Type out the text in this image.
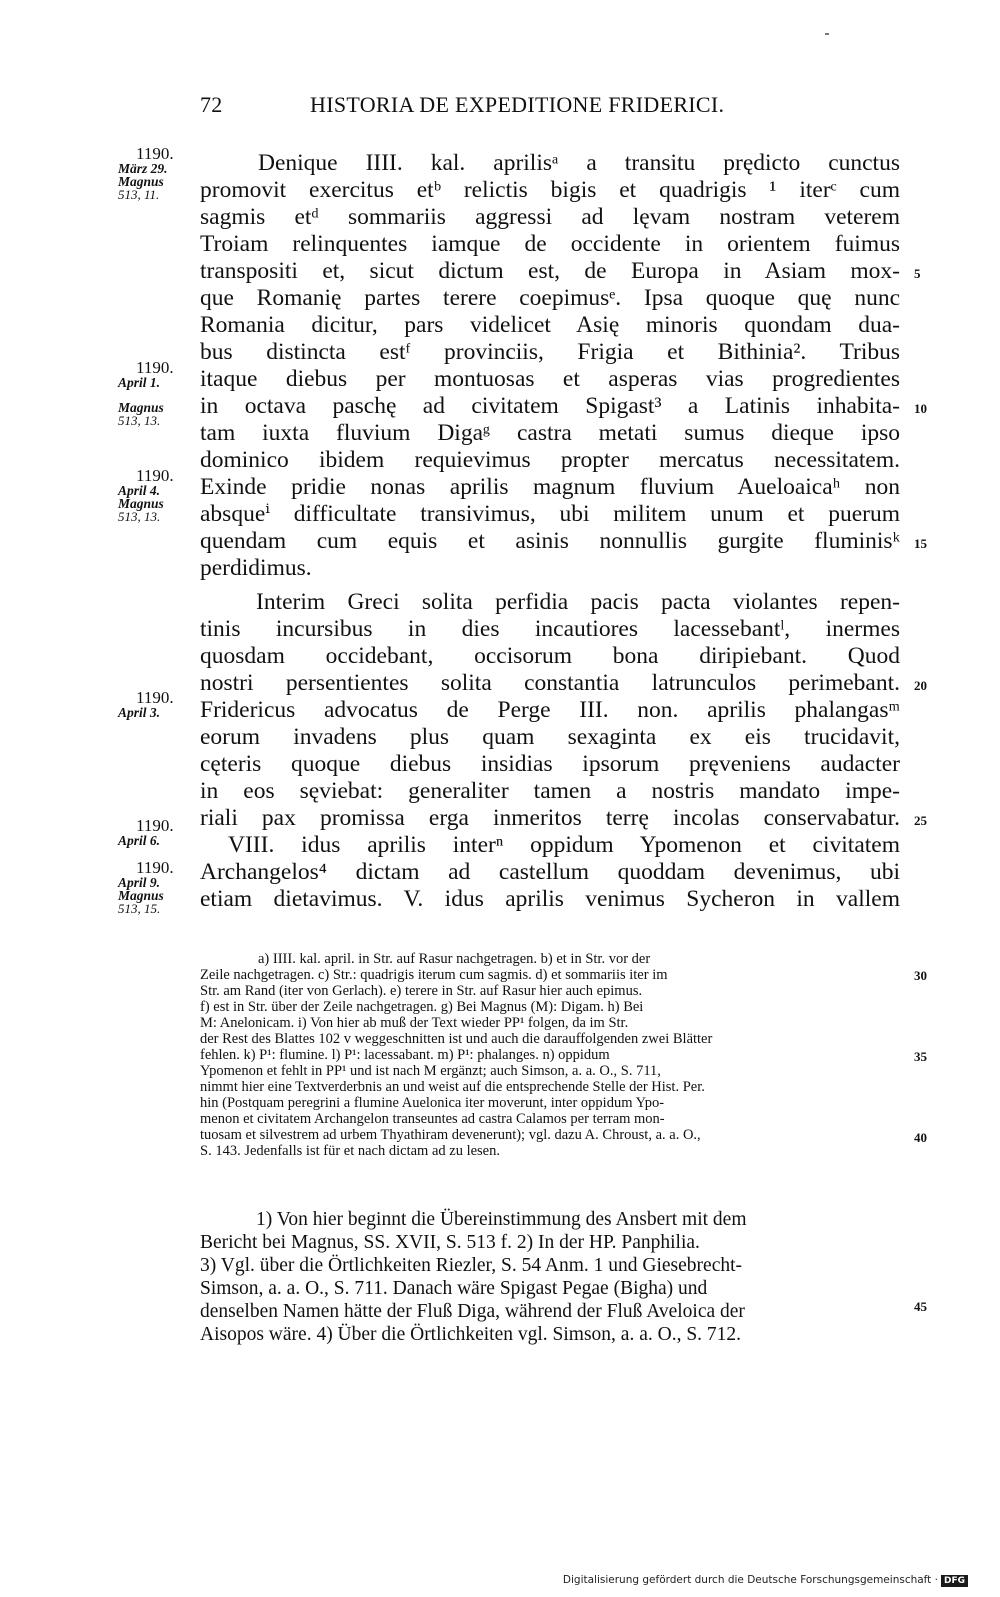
72	HISTORIA DE EXPEDITIONE FRIDERICI.
Denique IIII. kal. aprilisᵃ a transitu prędicto cunctus
promovit exercitus etᵇ relictis bigis et quadrigis ¹ iterᶜ cum
sagmis etᵈ sommariis aggressi ad lęvam nostram veterem
Troiam relinquentes iamque de occidente in orientem fuimus
transpositi et, sicut dictum est, de Europa in Asiam mox-
que Romanię partes terere coepimusᵉ. Ipsa quoque quę nunc
Romania dicitur, pars videlicet Asię minoris quondam dua-
bus distincta estᶠ provinciis, Frigia et Bithinia². Tribus
itaque diebus per montuosas et asperas vias progredientes
in octava paschę ad civitatem Spigast³ a Latinis inhabita-
tam iuxta fluvium Digaᵍ castra metati sumus dieque ipso
dominico ibidem requievimus propter mercatus necessitatem.
Exinde pridie nonas aprilis magnum fluvium Aueloaicaʰ non
absqueⁱ difficultate transivimus, ubi militem unum et puerum
quendam cum equis et asinis nonnullis gurgite fluminisᵏ
perdidimus.
Interim Greci solita perfidia pacis pacta violantes repen-
tinis incursibus in dies incautiores lacessebantˡ, inermes
quosdam occidebant, occisorum bona diripiebant. Quod
nostri persentientes solita constantia latrunculos perimebant.
Fridericus advocatus de Perge III. non. aprilis phalangasᵐ
eorum invadens plus quam sexaginta ex eis trucidavit,
cęteris quoque diebus insidias ipsorum pręveniens audacter
in eos sęviebat: generaliter tamen a nostris mandato impe-
riali pax promissa erga inmeritos terrę incolas conservabatur.
VIII. idus aprilis interⁿ oppidum Ypomenon et civitatem
Archangelos⁴ dictam ad castellum quoddam devenimus, ubi
etiam dietavimus. V. idus aprilis venimus Sycheron in vallem
1190.
März 29.
Magnus
513, 11.
1190.
April 1.
Magnus
513, 13.
1190.
April 4.
Magnus
513, 13.
1190.
April 3.
1190.
April 6.
1190.
April 9.
Magnus
513, 15.
5
10
15
20
25
30
35
40
45
a) IIII. kal. april. in Str. auf Rasur nachgetragen. b) et in Str. vor der
Zeile nachgetragen. c) Str.: quadrigis iterum cum sagmis. d) et sommariis iter im
Str. am Rand (iter von Gerlach). e) terere in Str. auf Rasur hier auch epimus.
f) est in Str. über der Zeile nachgetragen. g) Bei Magnus (M): Digam. h) Bei
M: Anelonicam. i) Von hier ab muß der Text wieder PP¹ folgen, da im Str.
der Rest des Blattes 102 v weggeschnitten ist und auch die darauffolgenden zwei Blätter
fehlen. k) P¹: flumine. l) P¹: lacessabant. m) P¹: phalanges. n) oppidum
Ypomenon et fehlt in PP¹ und ist nach M ergänzt; auch Simson, a. a. O., S. 711,
nimmt hier eine Textverderbnis an und weist auf die entsprechende Stelle der Hist. Per.
hin (Postquam peregrini a flumine Auelonica iter moverunt, inter oppidum Ypo-
menon et civitatem Archangelon transeuntes ad castra Calamos per terram mon-
tuosam et silvestrem ad urbem Thyathiram devenerunt); vgl. dazu A. Chroust, a. a. O.,
S. 143. Jedenfalls ist für et nach dictam ad zu lesen.
1) Von hier beginnt die Übereinstimmung des Ansbert mit dem
Bericht bei Magnus, SS. XVII, S. 513 f. 2) In der HP. Panphilia.
3) Vgl. über die Örtlichkeiten Riezler, S. 54 Anm. 1 und Giesebrecht-
Simson, a. a. O., S. 711. Danach wäre Spigast Pegae (Bigha) und
denselben Namen hätte der Fluß Diga, während der Fluß Aveloica der
Aisopos wäre. 4) Über die Örtlichkeiten vgl. Simson, a. a. O., S. 712.
Digitalisierung gefördert durch die Deutsche Forschungsgemeinschaft · DFG
